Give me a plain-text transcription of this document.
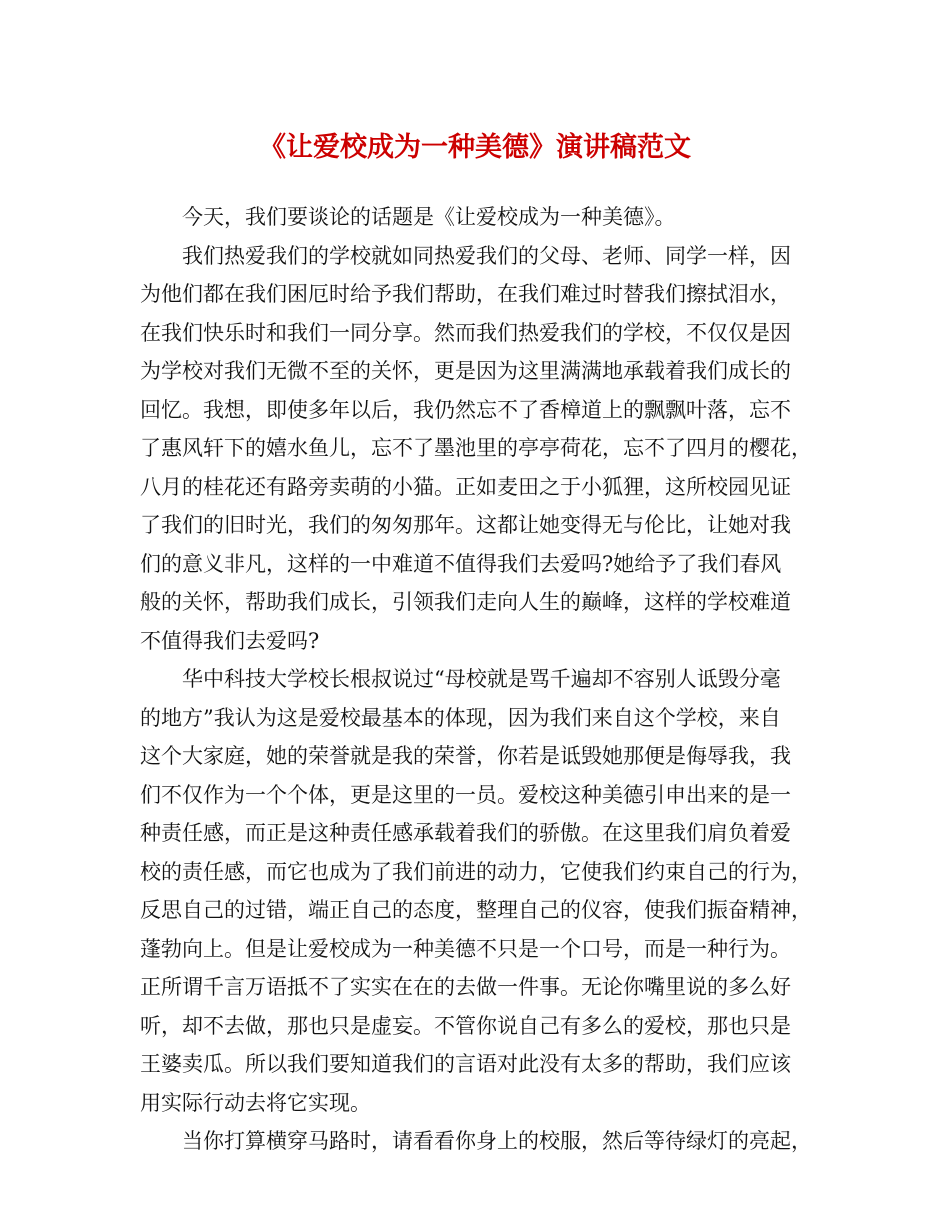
《让爱校成为一种美德》演讲稿范文
今天，我们要谈论的话题是《让爱校成为一种美德》。
我们热爱我们的学校就如同热爱我们的父母、老师、同学一样，因
为他们都在我们困厄时给予我们帮助，在我们难过时替我们擦拭泪水，
在我们快乐时和我们一同分享。然而我们热爱我们的学校，不仅仅是因
为学校对我们无微不至的关怀，更是因为这里满满地承载着我们成长的
回忆。我想，即使多年以后，我仍然忘不了香樟道上的飘飘叶落，忘不
了惠风轩下的嬉水鱼儿，忘不了墨池里的亭亭荷花，忘不了四月的樱花，
八月的桂花还有路旁卖萌的小猫。正如麦田之于小狐狸，这所校园见证
了我们的旧时光，我们的匆匆那年。这都让她变得无与伦比，让她对我
们的意义非凡，这样的一中难道不值得我们去爱吗?她给予了我们春风
般的关怀，帮助我们成长，引领我们走向人生的巅峰，这样的学校难道
不值得我们去爱吗?
华中科技大学校长根叔说过“母校就是骂千遍却不容别人诋毁分毫
的地方”我认为这是爱校最基本的体现，因为我们来自这个学校，来自
这个大家庭，她的荣誉就是我的荣誉，你若是诋毁她那便是侮辱我，我
们不仅作为一个个体，更是这里的一员。爱校这种美德引申出来的是一
种责任感，而正是这种责任感承载着我们的骄傲。在这里我们肩负着爱
校的责任感，而它也成为了我们前进的动力，它使我们约束自己的行为，
反思自己的过错，端正自己的态度，整理自己的仪容，使我们振奋精神，
蓬勃向上。但是让爱校成为一种美德不只是一个口号，而是一种行为。
正所谓千言万语抵不了实实在在的去做一件事。无论你嘴里说的多么好
听，却不去做，那也只是虚妄。不管你说自己有多么的爱校，那也只是
王婆卖瓜。所以我们要知道我们的言语对此没有太多的帮助，我们应该
用实际行动去将它实现。
当你打算横穿马路时，请看看你身上的校服，然后等待绿灯的亮起，
